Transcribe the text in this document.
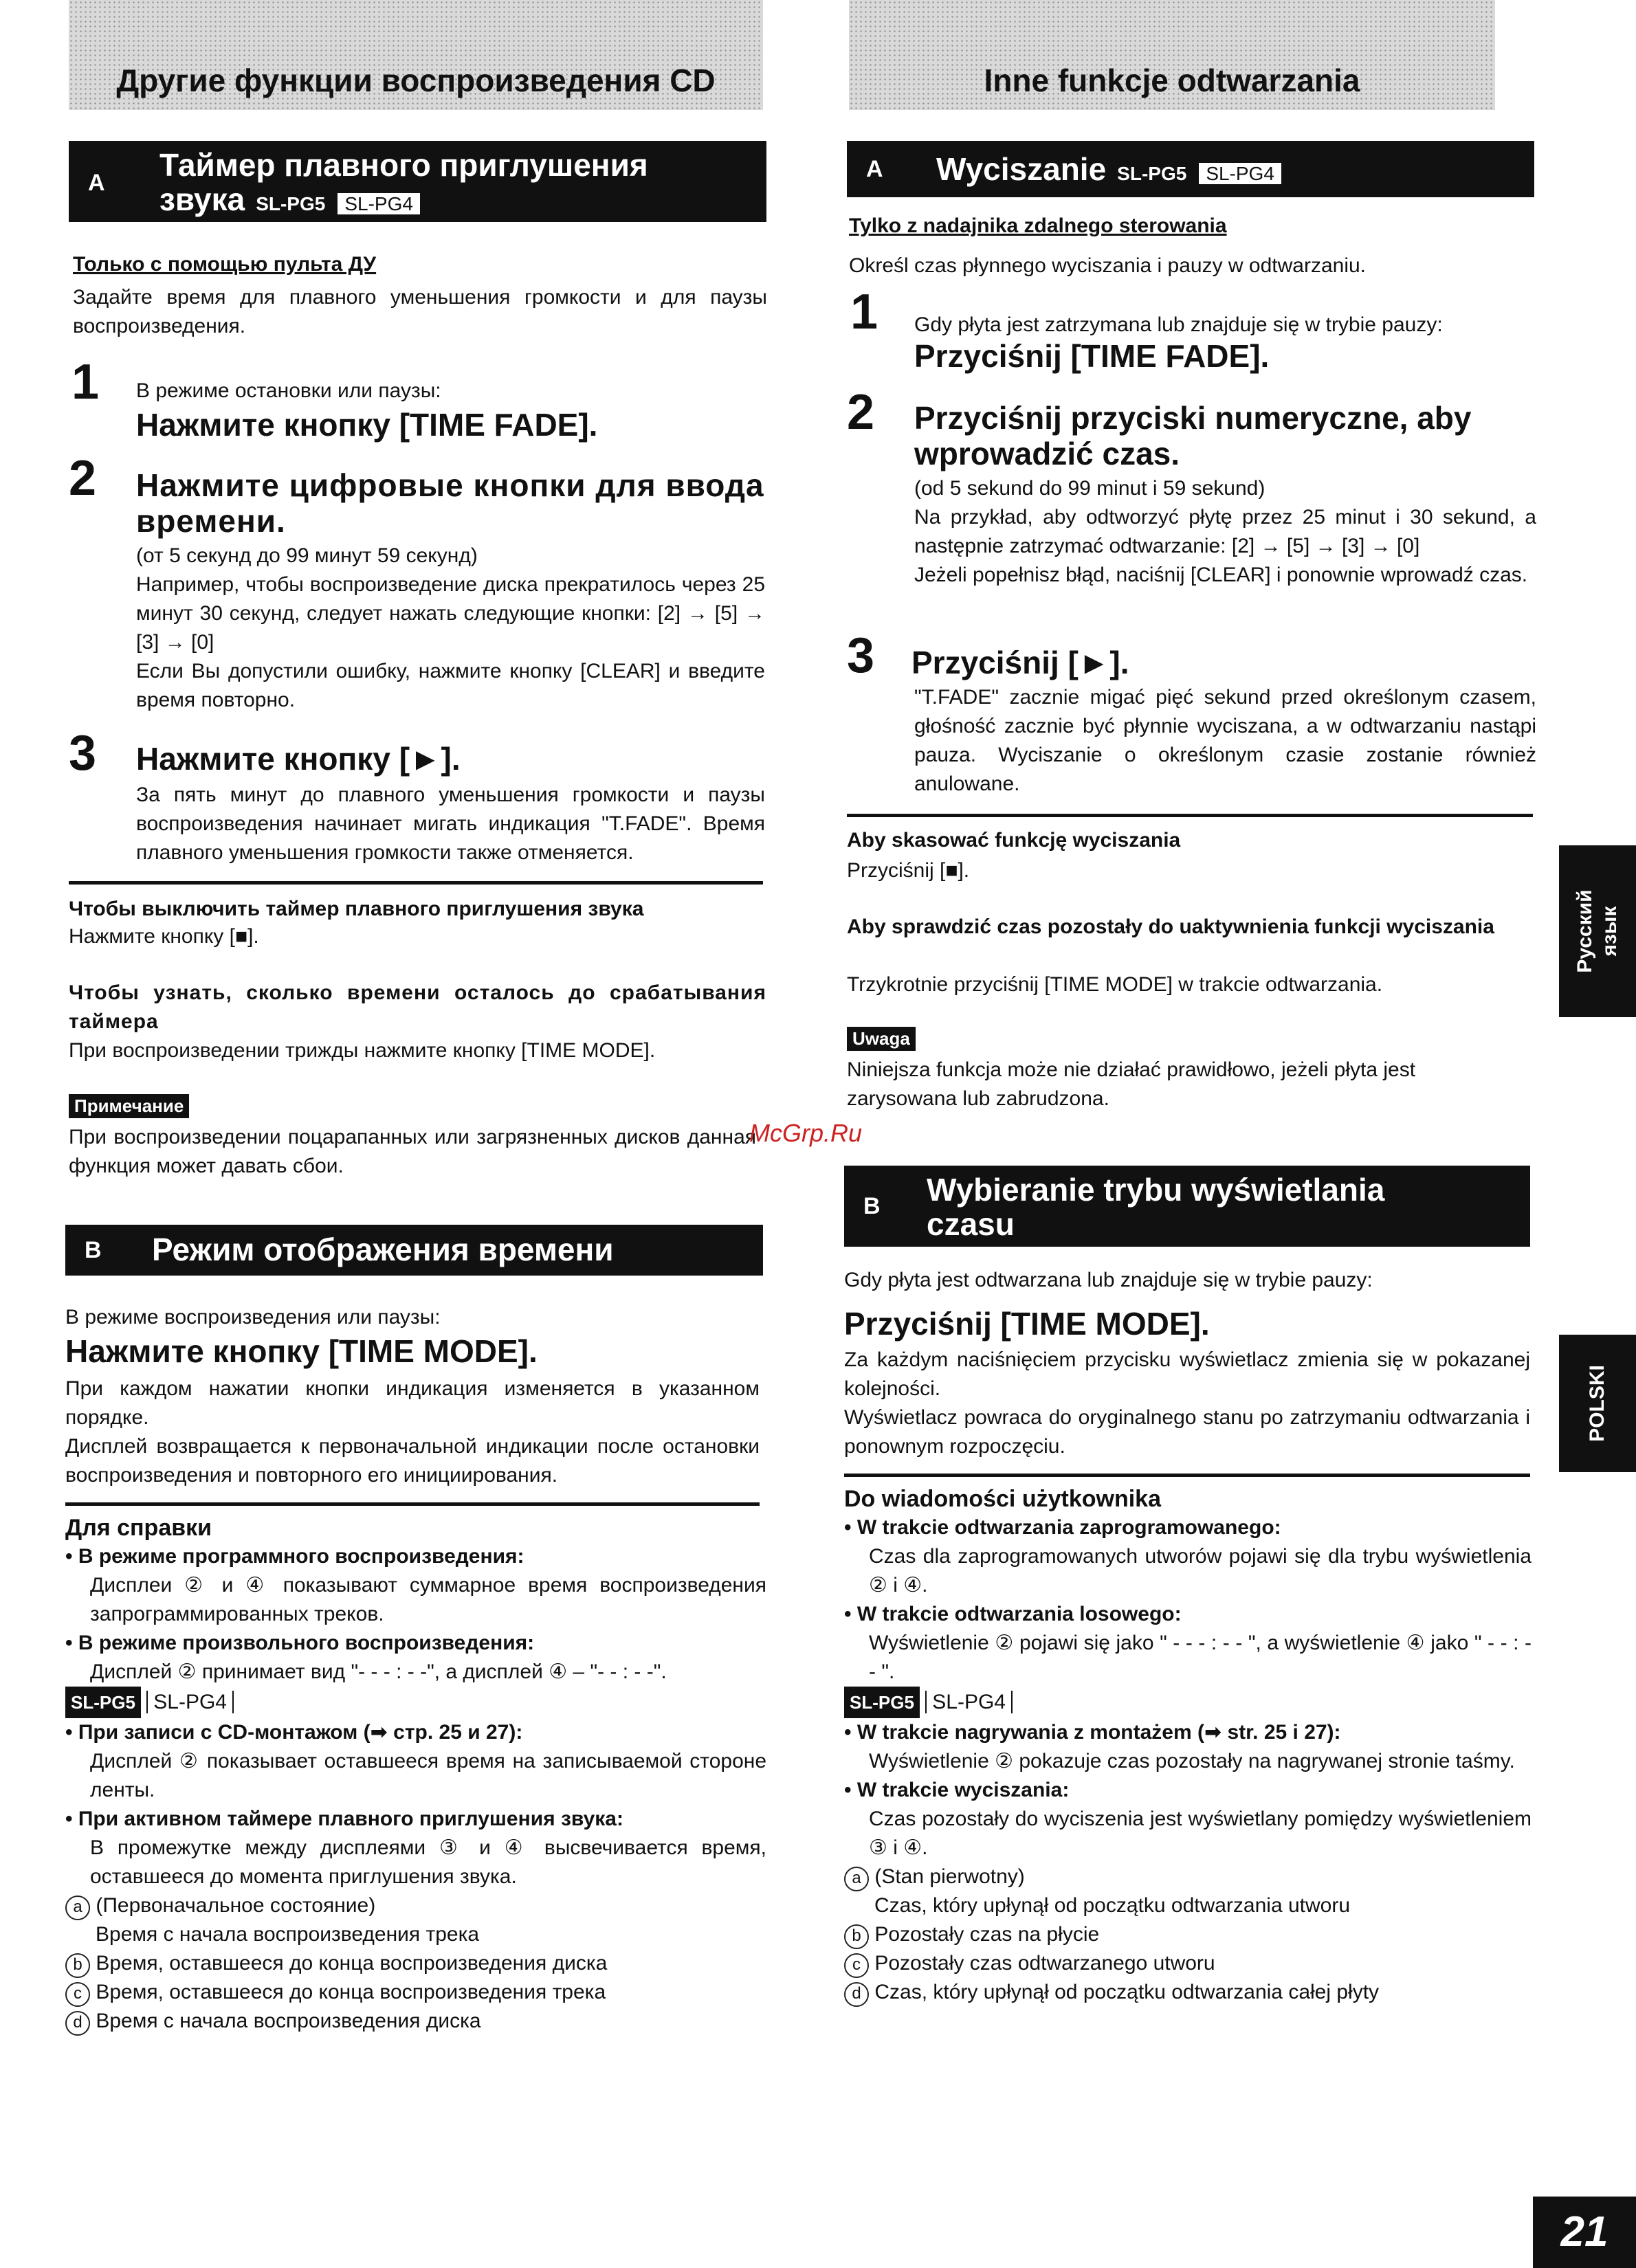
Другие функции воспроизведения CD
A Таймер плавного приглушения
звука SL-PG5 SL-PG4
Только с помощью пульта ДУ
Задайте время для плавного уменьшения громкости и для паузы воспроизведения.
1 В режиме остановки или паузы:
Нажмите кнопку [TIME FADE].
2 Нажмите цифровые кнопки для ввода времени.
(от 5 секунд до 99 минут 59 секунд)
Например, чтобы воспроизведение диска прекратилось через 25 минут 30 секунд, следует нажать следующие кнопки: [2] → [5] → [3] → [0]
Если Вы допустили ошибку, нажмите кнопку [CLEAR] и введите время повторно.
3 Нажмите кнопку [►].
За пять минут до плавного уменьшения громкости и паузы воспроизведения начинает мигать индикация "T.FADE". Время плавного уменьшения громкости также отменяется.
Чтобы выключить таймер плавного приглушения звука
Нажмите кнопку [■].
Чтобы узнать, сколько времени осталось до срабатывания таймера
При воспроизведении трижды нажмите кнопку [TIME MODE].
Примечание
При воспроизведении поцарапанных или загрязненных дисков данная функция может давать сбои.
McGrp.Ru
B Режим отображения времени
В режиме воспроизведения или паузы:
Нажмите кнопку [TIME MODE].
При каждом нажатии кнопки индикация изменяется в указанном порядке.
Дисплей возвращается к первоначальной индикации после остановки воспроизведения и повторного его инициирования.
Для справки
• В режиме программного воспроизведения:
Дисплеи ② и ④ показывают суммарное время воспроизведения запрограммированных треков.
• В режиме произвольного воспроизведения:
Дисплей ② принимает вид "- - - : - -", а дисплей ④ – "- - : - -".
SL-PG5 SL-PG4
• При записи с CD-монтажом (➡ стр. 25 и 27):
Дисплей ② показывает оставшееся время на записываемой стороне ленты.
• При активном таймере плавного приглушения звука:
В промежутке между дисплеями ③ и ④ высвечивается время, оставшееся до момента приглушения звука.
a (Первоначальное состояние)
Время с начала воспроизведения трека
b Время, оставшееся до конца воспроизведения диска
c Время, оставшееся до конца воспроизведения трека
d Время с начала воспроизведения диска
Inne funkcje odtwarzania
A Wyciszanie SL-PG5 SL-PG4
Tylko z nadajnika zdalnego sterowania
Określ czas płynnego wyciszania i pauzy w odtwarzaniu.
1 Gdy płyta jest zatrzymana lub znajduje się w trybie pauzy:
Przyciśnij [TIME FADE].
2 Przyciśnij przyciski numeryczne, aby wprowadzić czas.
(od 5 sekund do 99 minut i 59 sekund)
Na przykład, aby odtworzyć płytę przez 25 minut i 30 sekund, a następnie zatrzymać odtwarzanie: [2] → [5] → [3] → [0]
Jeżeli popełnisz błąd, naciśnij [CLEAR] i ponownie wprowadź czas.
3 Przyciśnij [►].
"T.FADE" zacznie migać pięć sekund przed określonym czasem, głośność zacznie być płynnie wyciszana, a w odtwarzaniu nastąpi pauza. Wyciszanie o określonym czasie zostanie również anulowane.
Aby skasować funkcję wyciszania
Przyciśnij [■].
Aby sprawdzić czas pozostały do uaktywnienia funkcji wyciszania
Trzykrotnie przyciśnij [TIME MODE] w trakcie odtwarzania.
Uwaga
Niniejsza funkcja może nie działać prawidłowo, jeżeli płyta jest zarysowana lub zabrudzona.
B Wybieranie trybu wyświetlania
czasu
Gdy płyta jest odtwarzana lub znajduje się w trybie pauzy:
Przyciśnij [TIME MODE].
Za każdym naciśnięciem przycisku wyświetlacz zmienia się w pokazanej kolejności.
Wyświetlacz powraca do oryginalnego stanu po zatrzymaniu odtwarzania i ponownym rozpoczęciu.
Do wiadomości użytkownika
• W trakcie odtwarzania zaprogramowanego:
Czas dla zaprogramowanych utworów pojawi się dla trybu wyświetlenia ② i ④.
• W trakcie odtwarzania losowego:
Wyświetlenie ② pojawi się jako " - - - : - - ", a wyświetlenie ④ jako " - - : - - ".
SL-PG5 SL-PG4
• W trakcie nagrywania z montażem (➡ str. 25 i 27):
Wyświetlenie ② pokazuje czas pozostały na nagrywanej stronie taśmy.
• W trakcie wyciszania:
Czas pozostały do wyciszenia jest wyświetlany pomiędzy wyświetleniem ③ i ④.
a (Stan pierwotny)
Czas, który upłynął od początku odtwarzania utworu
b Pozostały czas na płycie
c Pozostały czas odtwarzanego utworu
d Czas, który upłynął od początku odtwarzania całej płyty
Русский язык
POLSKI
21
